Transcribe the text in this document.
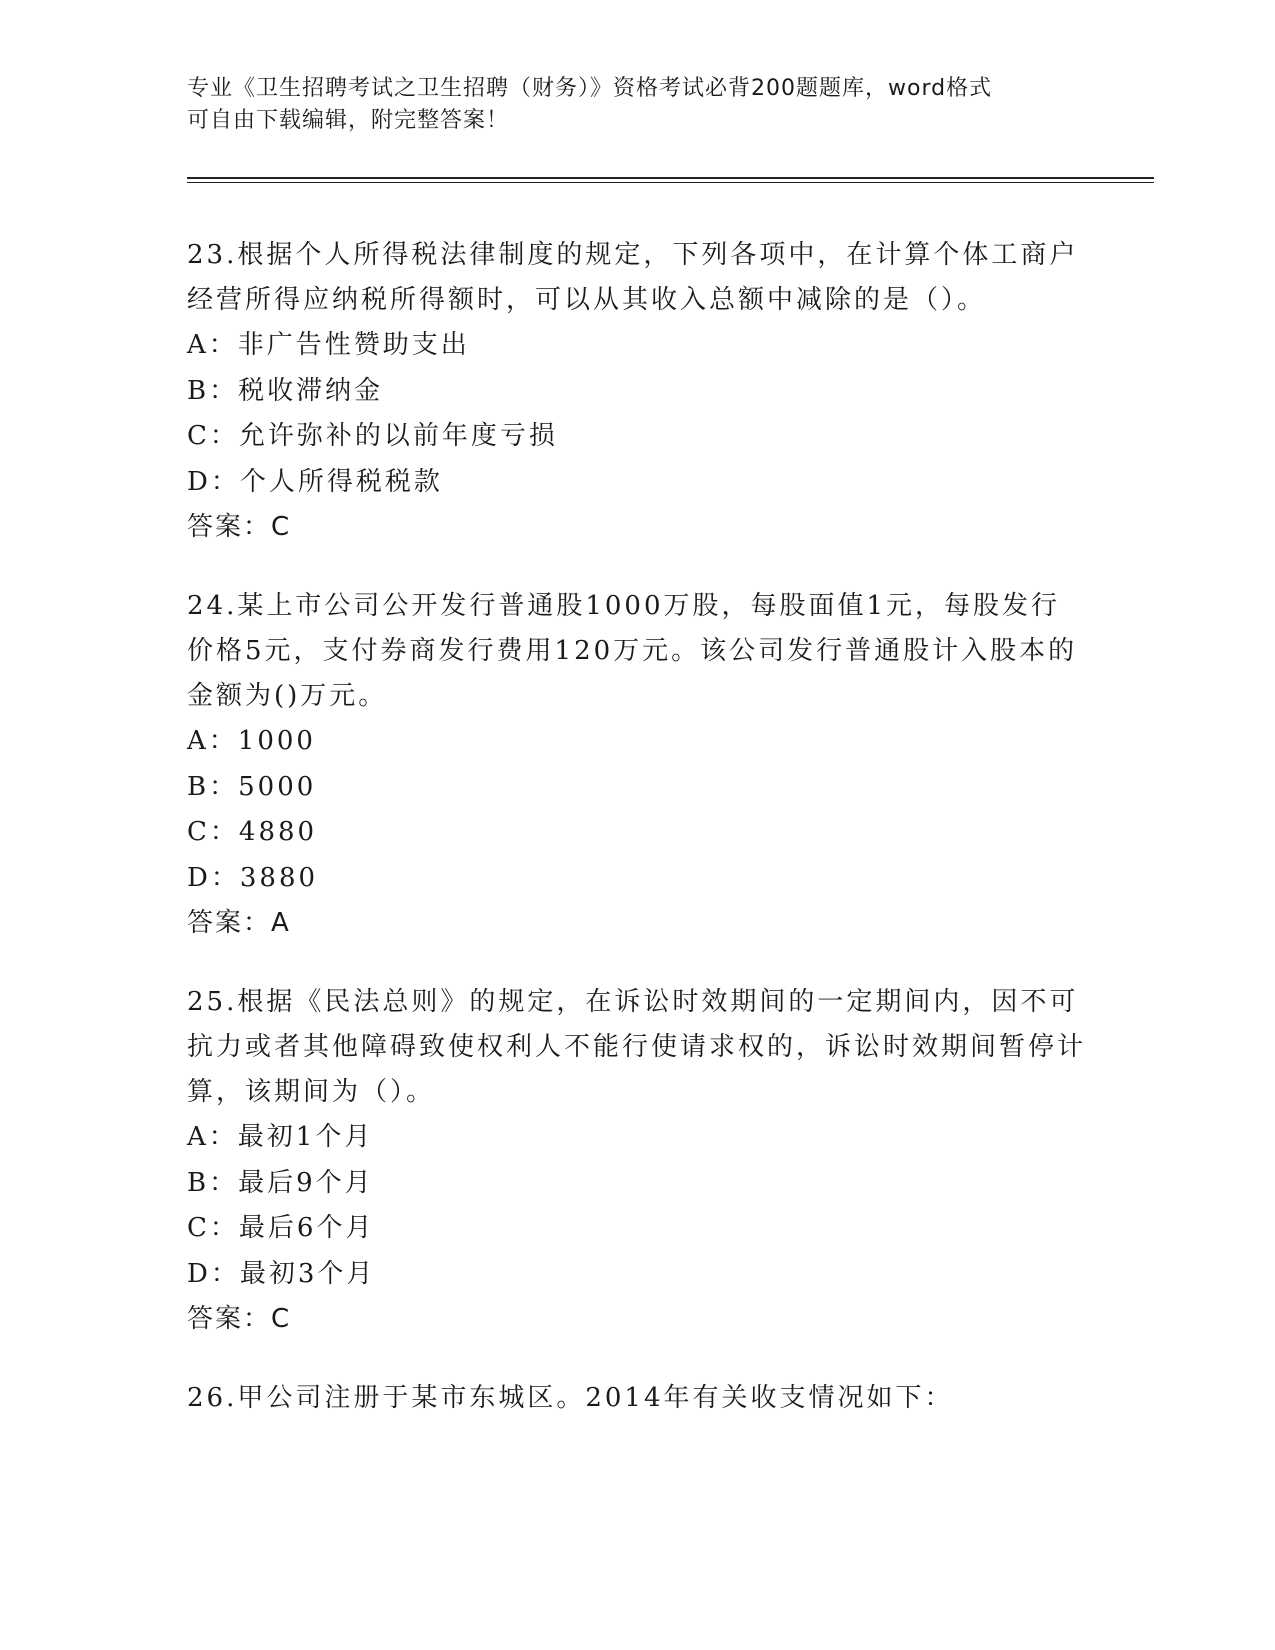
专业《卫生招聘考试之卫生招聘（财务）》资格考试必背200题题库，word格式
可自由下载编辑，附完整答案！
23.根据个人所得税法律制度的规定，下列各项中，在计算个体工商户经营所得应纳税所得额时，可以从其收入总额中减除的是（）。
A：非广告性赞助支出
B：税收滞纳金
C：允许弥补的以前年度亏损
D：个人所得税税款
答案：C
24.某上市公司公开发行普通股1000万股，每股面值1元，每股发行价格5元，支付券商发行费用120万元。该公司发行普通股计入股本的金额为()万元。
A：1000
B：5000
C：4880
D：3880
答案：A
25.根据《民法总则》的规定，在诉讼时效期间的一定期间内，因不可抗力或者其他障碍致使权利人不能行使请求权的，诉讼时效期间暂停计算，该期间为（）。
A：最初1个月
B：最后9个月
C：最后6个月
D：最初3个月
答案：C
26.甲公司注册于某市东城区。2014年有关收支情况如下：
